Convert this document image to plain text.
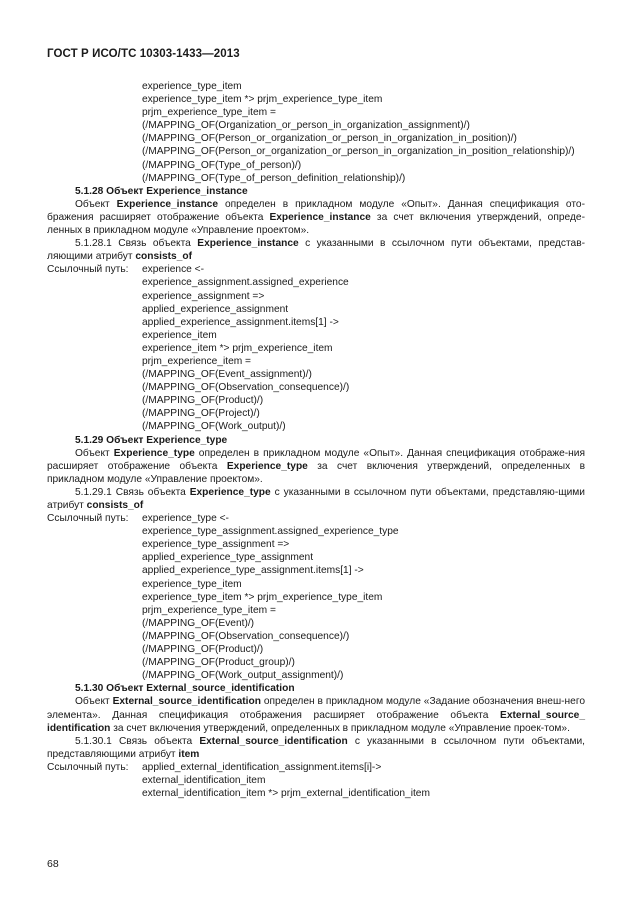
ГОСТ Р ИСО/ТС 10303-1433—2013
experience_type_item
experience_type_item *> prjm_experience_type_item
prjm_experience_type_item =
(/MAPPING_OF(Organization_or_person_in_organization_assignment)/)
(/MAPPING_OF(Person_or_organization_or_person_in_organization_in_position)/)
(/MAPPING_OF(Person_or_organization_or_person_in_organization_in_position_relationship)/)
(/MAPPING_OF(Type_of_person)/)
(/MAPPING_OF(Type_of_person_definition_relationship)/)
5.1.28 Объект Experience_instance

Объект Experience_instance определен в прикладном модуле «Опыт». Данная спецификация ото-бражения расширяет отображение объекта Experience_instance за счет включения утверждений, опреде-ленных в прикладном модуле «Управление проектом».

5.1.28.1 Связь объекта Experience_instance с указанными в ссылочном пути объектами, представ-ляющими атрибут consists_of

Ссылочный путь:	experience <-
experience_assignment.assigned_experience
experience_assignment =>
applied_experience_assignment
applied_experience_assignment.items[1] ->
experience_item
experience_item *> prjm_experience_item
prjm_experience_item =
(/MAPPING_OF(Event_assignment)/)
(/MAPPING_OF(Observation_consequence)/)
(/MAPPING_OF(Product)/)
(/MAPPING_OF(Project)/)
(/MAPPING_OF(Work_output)/)
5.1.29 Объект Experience_type

Объект Experience_type определен в прикладном модуле «Опыт». Данная спецификация отображе-ния расширяет отображение объекта Experience_type за счет включения утверждений, определенных в прикладном модуле «Управление проектом».

5.1.29.1 Связь объекта Experience_type с указанными в ссылочном пути объектами, представляю-щими атрибут consists_of

Ссылочный путь:	experience_type <-
experience_type_assignment.assigned_experience_type
experience_type_assignment =>
applied_experience_type_assignment
applied_experience_type_assignment.items[1] ->
experience_type_item
experience_type_item *> prjm_experience_type_item
prjm_experience_type_item =
(/MAPPING_OF(Event)/)
(/MAPPING_OF(Observation_consequence)/)
(/MAPPING_OF(Product)/)
(/MAPPING_OF(Product_group)/)
(/MAPPING_OF(Work_output_assignment)/)
5.1.30 Объект External_source_identification

Объект External_source_identification определен в прикладном модуле «Задание обозначения внеш-него элемента». Данная спецификация отображения расширяет отображение объекта External_source_ identification за счет включения утверждений, определенных в прикладном модуле «Управление проек-том».

5.1.30.1 Связь объекта External_source_identification с указанными в ссылочном пути объектами, представляющими атрибут item

Ссылочный путь:	applied_external_identification_assignment.items[i]->
external_identification_item
external_identification_item *> prjm_external_identification_item
68
